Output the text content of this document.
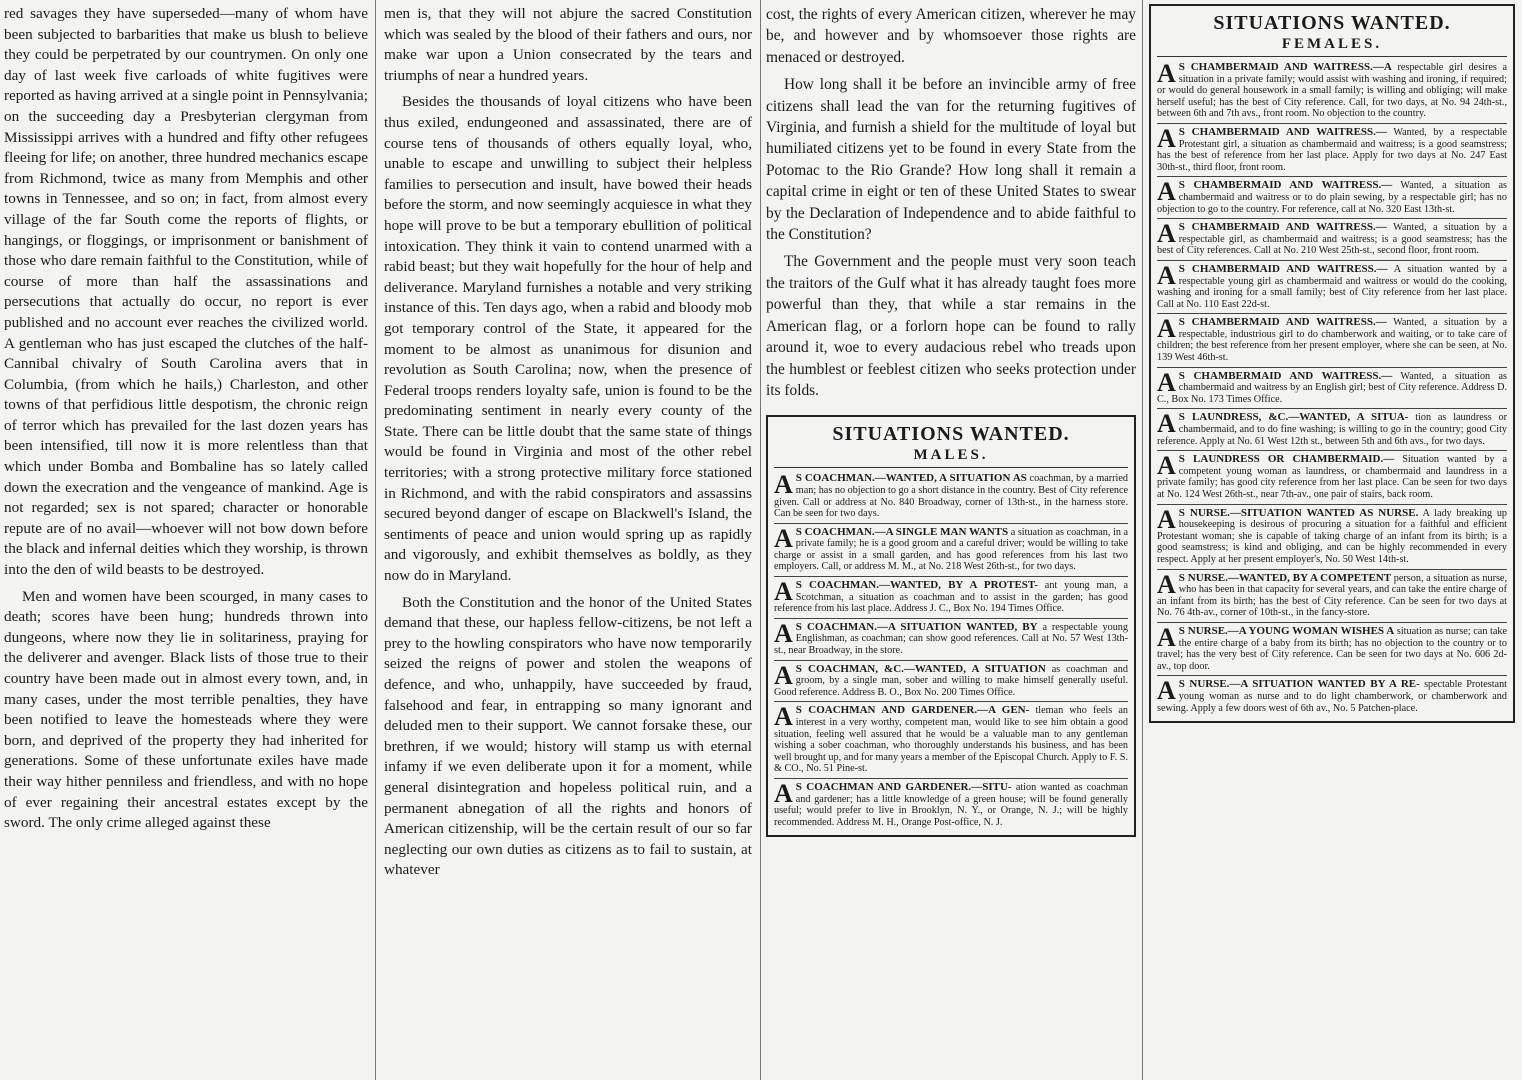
red savages they have superseded—many of whom have been subjected to barbarities that make us blush to believe they could be perpetrated by our countrymen. On only one day of last week five carloads of white fugitives were reported as having arrived at a single point in Pennsylvania; on the succeeding day a Presbyterian clergyman from Mississippi arrives with a hundred and fifty other refugees fleeing for life; on another, three hundred mechanics escape from Richmond, twice as many from Memphis and other towns in Tennessee, and so on; in fact, from almost every village of the far South come the reports of flights, or hangings, or floggings, or imprisonment or banishment of those who dare remain faithful to the Constitution, while of course of more than half the assassinations and persecutions that actually do occur, no report is ever published and no account ever reaches the civilized world. A gentleman who has just escaped the clutches of the half-Cannibal chivalry of South Carolina avers that in Columbia, (from which he hails,) Charleston, and other towns of that perfidious little despotism, the chronic reign of terror which has prevailed for the last dozen years has been intensified, till now it is more relentless than that which under Bomba and Bombaline has so lately called down the execration and the vengeance of mankind. Age is not regarded; sex is not spared; character or honorable repute are of no avail—whoever will not bow down before the black and infernal deities which they worship, is thrown into the den of wild beasts to be destroyed.

Men and women have been scourged, in many cases to death; scores have been hung; hundreds thrown into dungeons, where now they lie in solitariness, praying for the deliverer and avenger. Black lists of those true to their country have been made out in almost every town, and, in many cases, under the most terrible penalties, they have been notified to leave the homesteads where they were born, and deprived of the property they had inherited for generations. Some of these unfortunate exiles have made their way hither penniless and friendless, and with no hope of ever regaining their ancestral estates except by the sword. The only crime alleged against these

men is, that they will not abjure the sacred Constitution which was sealed by the blood of their fathers and ours, nor make war upon a Union consecrated by the tears and triumphs of near a hundred years.

Besides the thousands of loyal citizens who have been thus exiled, endungeoned and assassinated, there are of course tens of thousands of others equally loyal, who, unable to escape and unwilling to subject their helpless families to persecution and insult, have bowed their heads before the storm, and now seemingly acquiesce in what they hope will prove to be but a temporary ebullition of political intoxication. They think it vain to contend unarmed with a rabid beast; but they wait hopefully for the hour of help and deliverance. Maryland furnishes a notable and very striking instance of this. Ten days ago, when a rabid and bloody mob got temporary control of the State, it appeared for the moment to be almost as unanimous for disunion and revolution as South Carolina; now, when the presence of Federal troops renders loyalty safe, union is found to be the predominating sentiment in nearly every county of the State. There can be little doubt that the same state of things would be found in Virginia and most of the other rebel territories; with a strong protective military force stationed in Richmond, and with the rabid conspirators and assassins secured beyond danger of escape on Blackwell's Island, the sentiments of peace and union would spring up as rapidly and vigorously, and exhibit themselves as boldly, as they now do in Maryland.

Both the Constitution and the honor of the United States demand that these, our hapless fellow-citizens, be not left a prey to the howling conspirators who have now temporarily seized the reigns of power and stolen the weapons of defence, and who, unhappily, have succeeded by fraud, falsehood and fear, in entrapping so many ignorant and deluded men to their support. We cannot forsake these, our brethren, if we would; history will stamp us with eternal infamy if we even deliberate upon it for a moment, while general disintegration and hopeless political ruin, and a permanent abnegation of all the rights and honors of American citizenship, will be the certain result of our so far neglecting our own duties as citizens as to fail to sustain, at whatever

cost, the rights of every American citizen, wherever he may be, and however and by whomsoever those rights are menaced or destroyed.

How long shall it be before an invincible army of free citizens shall lead the van for the returning fugitives of Virginia, and furnish a shield for the multitude of loyal but humiliated citizens yet to be found in every State from the Potomac to the Rio Grande? How long shall it remain a capital crime in eight or ten of these United States to swear by the Declaration of Independence and to abide faithful to the Constitution?

The Government and the people must very soon teach the traitors of the Gulf what it has already taught foes more powerful than they, that while a star remains in the American flag, or a forlorn hope can be found to rally around it, woe to every audacious rebel who treads upon the humblest or feeblest citizen who seeks protection under its folds.

SITUATIONS WANTED.
MALES.
A S COACHMAN.—WANTED, A SITUATION AS coachman, by a married man; has no objection to go a short distance in the country. Best of City reference given. Call or address at No. 840 Broadway, corner of 13th-st., in the harness store. Can be seen for two days.
A S COACHMAN.—A SINGLE MAN WANTS a situation as coachman, in a private family; he is a good groom and a careful driver; would be willing to take charge or assist in a small garden, and has good references from his last two employers. Call, or address M. M., at No. 218 West 26th-st., for two days.
A S COACHMAN.—WANTED, BY A PROTEST- ant young man, a Scotchman, a situation as coachman and to assist in the garden; has good reference from his last place. Address J. C., Box No. 194 Times Office.
A S COACHMAN.—A SITUATION WANTED, BY a respectable young Englishman, as coachman; can show good references. Call at No. 57 West 13th-st., near Broadway, in the store.
A S COACHMAN, &C.—WANTED, A SITUATION as coachman and groom, by a single man, sober and willing to make himself generally useful. Good reference. Address B. O., Box No. 200 Times Office.
A S COACHMAN AND GARDENER.—A GEN- tleman who feels an interest in a very worthy, competent man, would like to see him obtain a good situation, feeling well assured that he would be a valuable man to any gentleman wishing a sober coachman, who thoroughly understands his business, and has been well brought up, and for many years a member of the Episcopal Church. Apply to F. S. & CO., No. 51 Pine-st.
A S COACHMAN AND GARDENER.—SITU- ation wanted as coachman and gardener; has a little knowledge of a green house; will be found generally useful; would prefer to live in Brooklyn, N. Y., or Orange, N. J.; will be highly recommended. Address M. H., Orange Post-office, N. J.
SITUATIONS WANTED.
FEMALES.
A S CHAMBERMAID AND WAITRESS.—A respectable girl desires a situation in a private family; would assist with washing and ironing, if required; or would do general housework in a small family; is willing and obliging; will make herself useful; has the best of City reference. Call, for two days, at No. 94 24th-st., between 6th and 7th avs., front room. No objection to the country.
A S CHAMBERMAID AND WAITRESS.— Wanted, by a respectable Protestant girl, a situation as chambermaid and waitress; is a good seamstress; has the best of reference from her last place. Apply for two days at No. 247 East 30th-st., third floor, front room.
A S CHAMBERMAID AND WAITRESS.— Wanted, a situation as chambermaid and waitress or to do plain sewing, by a respectable girl; has no objection to go to the country. For reference, call at No. 320 East 13th-st.
A S CHAMBERMAID AND WAITRESS.— Wanted, a situation by a respectable girl, as chambermaid and waitress; is a good seamstress; has the best of City references. Call at No. 210 West 25th-st., second floor, front room.
A S CHAMBERMAID AND WAITRESS.— A situation wanted by a respectable young girl as chambermaid and waitress or would do the cooking, washing and ironing for a small family; best of City reference from her last place. Call at No. 110 East 22d-st.
A S CHAMBERMAID AND WAITRESS.— Wanted, a situation by a respectable, industrious girl to do chamberwork and waiting, or to take care of children; the best reference from her present employer, where she can be seen, at No. 139 West 46th-st.
A S CHAMBERMAID AND WAITRESS.— Wanted, a situation as chambermaid and waitress by an English girl; best of City reference. Address D. C., Box No. 173 Times Office.
A S LAUNDRESS, &C.—WANTED, A SITUA- tion as laundress or chambermaid, and to do fine washing; is willing to go in the country; good City reference. Apply at No. 61 West 12th st., between 5th and 6th avs., for two days.
A S LAUNDRESS OR CHAMBERMAID.— Situation wanted by a competent young woman as laundress, or chambermaid and laundress in a private family; has good city reference from her last place. Can be seen for two days at No. 124 West 26th-st., near 7th-av., one pair of stairs, back room.
A S NURSE.—SITUATION WANTED AS NURSE. A lady breaking up housekeeping is desirous of procuring a situation for a faithful and efficient Protestant woman; she is capable of taking charge of an infant from its birth; is a good seamstress; is kind and obliging, and can be highly recommended in every respect. Apply at her present employer's, No. 50 West 14th-st.
A S NURSE.—WANTED, BY A COMPETENT person, a situation as nurse, who has been in that capacity for several years, and can take the entire charge of an infant from its birth; has the best of City reference. Can be seen for two days at No. 76 4th-av., corner of 10th-st., in the fancy-store.
A S NURSE.—A YOUNG WOMAN WISHES A situation as nurse; can take the entire charge of a baby from its birth; has no objection to the country or to travel; has the very best of City reference. Can be seen for two days at No. 606 2d-av., top door.
A S NURSE.—A SITUATION WANTED BY A RE- spectable Protestant young woman as nurse and to do light chamberwork, or chamberwork and sewing. Apply a few doors west of 6th av., No. 5 Patchen-place.
